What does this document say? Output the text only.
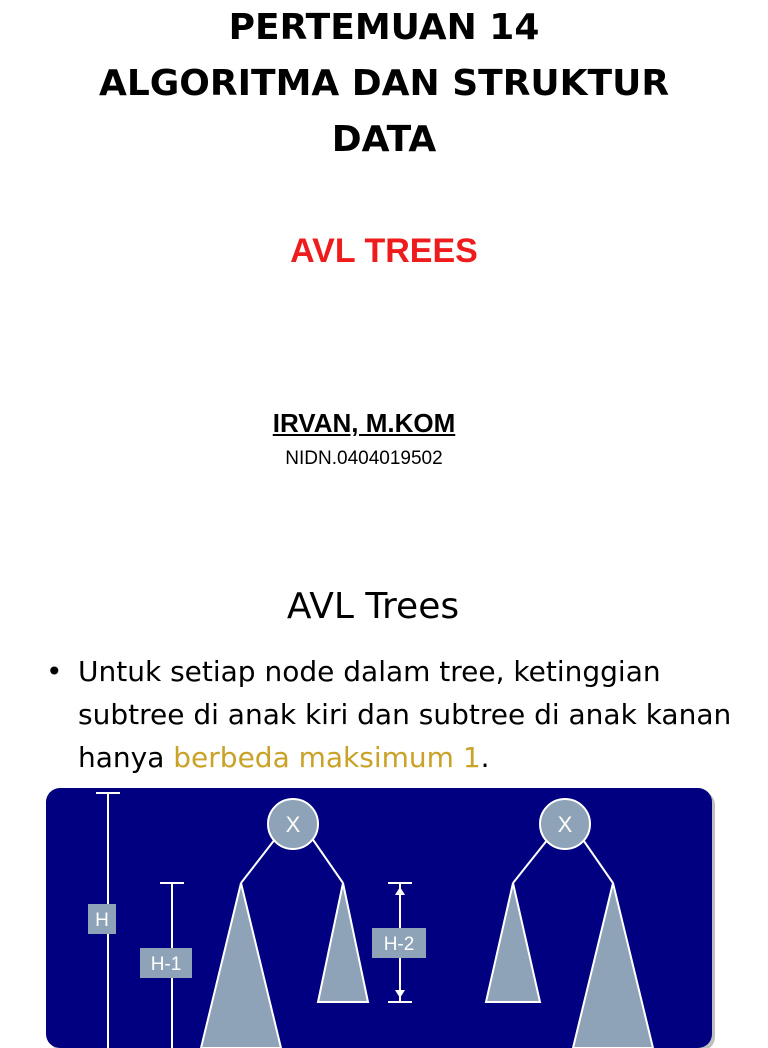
PERTEMUAN 14
ALGORITMA DAN STRUKTUR
DATA
AVL TREES
IRVAN, M.KOM
NIDN.0404019502
AVL Trees
• Untuk setiap node dalam tree, ketinggian subtree di anak kiri dan subtree di anak kanan hanya berbeda maksimum 1.
H
H-1
H-2
X	X
